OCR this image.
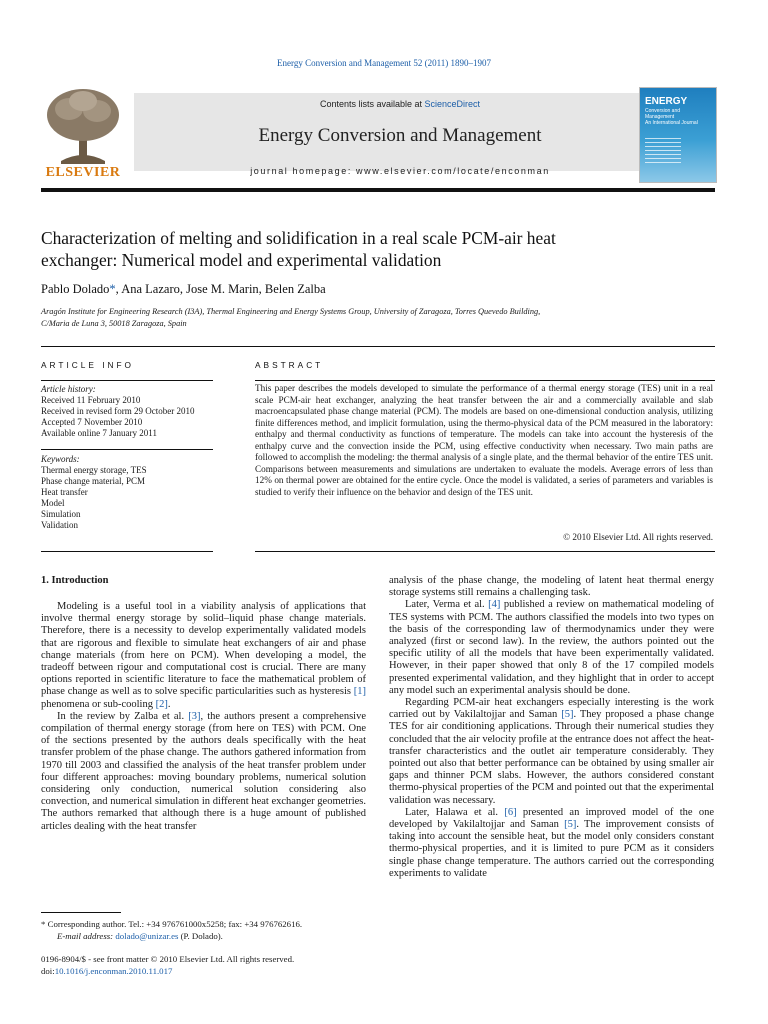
Energy Conversion and Management 52 (2011) 1890–1907
ELSEVIER
Contents lists available at ScienceDirect
Energy Conversion and Management
journal homepage: www.elsevier.com/locate/enconman
ENERGY
Conversion and Management
An International Journal
Characterization of melting and solidification in a real scale PCM-air heat
exchanger: Numerical model and experimental validation
Pablo Dolado*, Ana Lazaro, Jose M. Marin, Belen Zalba
Aragón Institute for Engineering Research (I3A), Thermal Engineering and Energy Systems Group, University of Zaragoza, Torres Quevedo Building,
C/Maria de Luna 3, 50018 Zaragoza, Spain
ARTICLE INFO
Article history:
Received 11 February 2010
Received in revised form 29 October 2010
Accepted 7 November 2010
Available online 7 January 2011
Keywords:
Thermal energy storage, TES
Phase change material, PCM
Heat transfer
Model
Simulation
Validation
ABSTRACT
This paper describes the models developed to simulate the performance of a thermal energy storage (TES) unit in a real scale PCM-air heat exchanger, analyzing the heat transfer between the air and a commercially available and slab macroencapsulated phase change material (PCM). The models are based on one-dimensional conduction analysis, utilizing finite differences method, and implicit formulation, using the thermo-physical data of the PCM measured in the laboratory: enthalpy and thermal conductivity as functions of temperature. The models can take into account the hysteresis of the enthalpy curve and the convection inside the PCM, using effective conductivity when necessary. Two main paths are followed to accomplish the modeling: the thermal analysis of a single plate, and the thermal behavior of the entire TES unit. Comparisons between measurements and simulations are undertaken to evaluate the models. Average errors of less than 12% on thermal power are obtained for the entire cycle. Once the model is validated, a series of parameters and variables is studied to verify their influence on the behavior and design of the TES unit.
© 2010 Elsevier Ltd. All rights reserved.
1. Introduction

Modeling is a useful tool in a viability analysis of applications that involve thermal energy storage by solid–liquid phase change materials. Therefore, there is a necessity to develop experimentally validated models that are rigorous and flexible to simulate heat exchangers of air and phase change materials (from here on PCM). When developing a model, the tradeoff between rigour and computational cost is crucial. There are many options reported in scientific literature to face the mathematical problem of phase change as well as to solve specific particularities such as hysteresis [1] phenomena or sub-cooling [2].

In the review by Zalba et al. [3], the authors present a comprehensive compilation of thermal energy storage (from here on TES) with PCM. One of the sections presented by the authors deals specifically with the heat transfer problem of the phase change. The authors gathered information from 1970 till 2003 and classified the analysis of the heat transfer problem under four different approaches: moving boundary problems, numerical solution considering only conduction, numerical solution considering also convection, and numerical simulation in different heat exchanger geometries. The authors remarked that although there is a huge amount of published articles dealing with the heat transfer

analysis of the phase change, the modeling of latent heat thermal energy storage systems still remains a challenging task.

Later, Verma et al. [4] published a review on mathematical modeling of TES systems with PCM. The authors classified the models into two types on the basis of the corresponding law of thermodynamics under they were analyzed (first or second law). In the review, the authors pointed out the specific utility of all the models that have been experimentally validated. However, in their paper showed that only 8 of the 17 compiled models presented experimental validation, and they highlight that in order to accept any model such an experimental analysis should be done.

Regarding PCM-air heat exchangers especially interesting is the work carried out by Vakilaltojjar and Saman [5]. They proposed a phase change TES for air conditioning applications. Through their numerical studies they concluded that the air velocity profile at the entrance does not affect the heat-transfer characteristics and the outlet air temperature considerably. They pointed out also that better performance can be obtained by using smaller air gaps and thinner PCM slabs. However, the authors considered constant thermo-physical properties of the PCM and pointed out that the experimental validation was necessary.

Later, Halawa et al. [6] presented an improved model of the one developed by Vakilaltojjar and Saman [5]. The improvement consists of taking into account the sensible heat, but the model only considers constant thermo-physical properties, and it is limited to pure PCM as it considers single phase change temperature. The authors carried out the corresponding experiments to validate

* Corresponding author. Tel.: +34 976761000x5258; fax: +34 976762616.
E-mail address: dolado@unizar.es (P. Dolado).
0196-8904/$ - see front matter © 2010 Elsevier Ltd. All rights reserved.
doi:10.1016/j.enconman.2010.11.017
